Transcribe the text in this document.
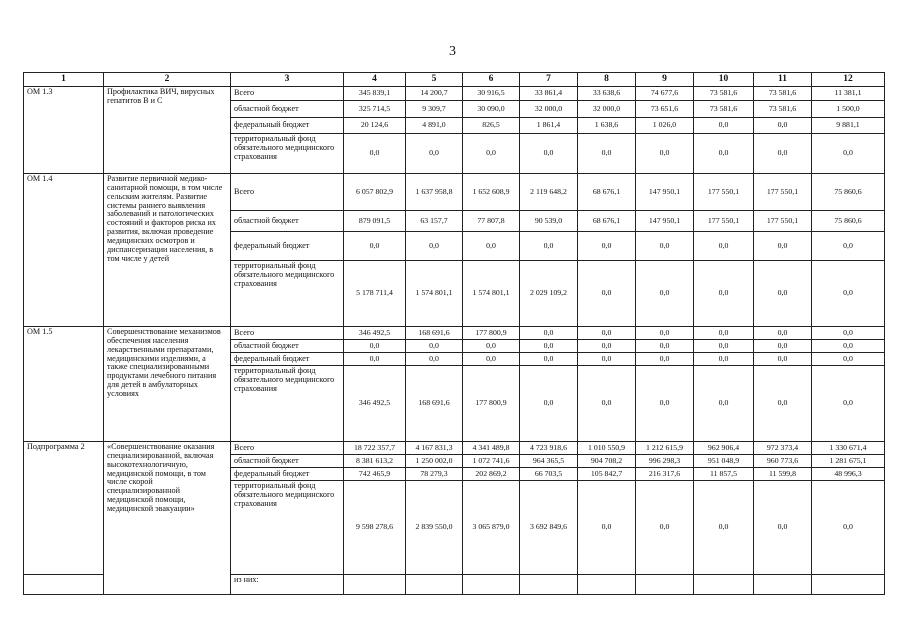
3
1	2	3	4	5	6	7	8	9	10	11	12
ОМ 1.3	Профилактика ВИЧ, вирусных гепатитов В и С	Всего	345 839,1	14 200,7	30 916,5	33 861,4	33 638,6	74 677,6	73 581,6	73 581,6	11 381,1
		областной бюджет	325 714,5	9 309,7	30 090,0	32 000,0	32 000,0	73 651,6	73 581,6	73 581,6	1 500,0
		федеральный бюджет	20 124,6	4 891,0	826,5	1 861,4	1 638,6	1 026,0	0,0	0,0	9 881,1
		территориальный фонд обязательного медицинского страхования	0,0	0,0	0,0	0,0	0,0	0,0	0,0	0,0	0,0
ОМ 1.4	Развитие первичной медико-санитарной помощи, в том числе сельским жителям. Развитие системы раннего выявления заболеваний и патологических состояний и факторов риска их развития, включая проведение медицинских осмотров и диспансеризации населения, в том числе у детей	Всего	6 057 802,9	1 637 958,8	1 652 608,9	2 119 648,2	68 676,1	147 950,1	177 550,1	177 550,1	75 860,6
		областной бюджет	879 091,5	63 157,7	77 807,8	90 539,0	68 676,1	147 950,1	177 550,1	177 550,1	75 860,6
		федеральный бюджет	0,0	0,0	0,0	0,0	0,0	0,0	0,0	0,0	0,0
		территориальный фонд обязательного медицинского страхования	5 178 711,4	1 574 801,1	1 574 801,1	2 029 109,2	0,0	0,0	0,0	0,0	0,0
ОМ 1.5	Совершенствование механизмов обеспечения населения лекарственными препаратами, медицинскими изделиями, а также специализированными продуктами лечебного питания для детей в амбулаторных условиях	Всего	346 492,5	168 691,6	177 800,9	0,0	0,0	0,0	0,0	0,0	0,0
		областной бюджет	0,0	0,0	0,0	0,0	0,0	0,0	0,0	0,0	0,0
		федеральный бюджет	0,0	0,0	0,0	0,0	0,0	0,0	0,0	0,0	0,0
		территориальный фонд обязательного медицинского страхования	346 492,5	168 691,6	177 800,9	0,0	0,0	0,0	0,0	0,0	0,0
Подпрограмма 2	«Совершенствование оказания специализированной, включая высокотехнологичную, медицинской помощи, в том числе скорой специализированной медицинской помощи, медицинской эвакуации»	Всего	18 722 357,7	4 167 831,3	4 341 489,8	4 723 918,6	1 010 550,9	1 212 615,9	962 906,4	972 373,4	1 330 671,4
		областной бюджет	8 381 613,2	1 250 002,0	1 072 741,6	964 365,5	904 708,2	996 298,3	951 048,9	960 773,6	1 281 675,1
		федеральный бюджет	742 465,9	78 279,3	202 869,2	66 703,5	105 842,7	216 317,6	11 857,5	11 599,8	48 996,3
		территориальный фонд обязательного медицинского страхования	9 598 278,6	2 839 550,0	3 065 879,0	3 692 849,6	0,0	0,0	0,0	0,0	0,0
		из них:									
